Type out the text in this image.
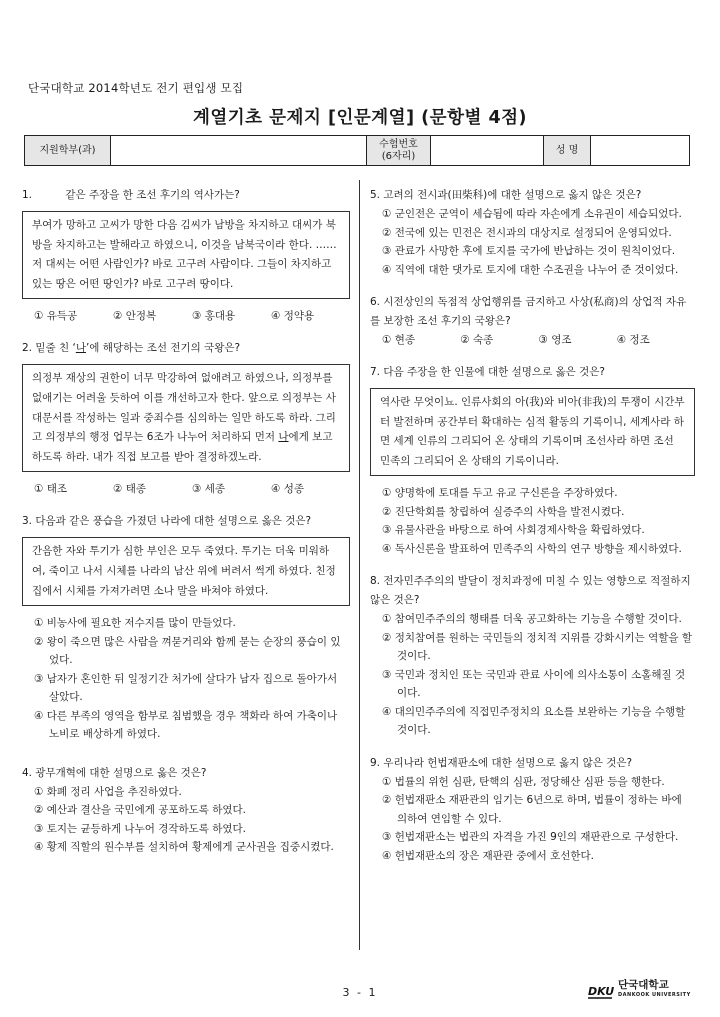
단국대학교 2014학년도 전기 편입생 모집
계열기초 문제지 [인문계열] (문항별 4점)
지원학부(과)
수험번호
(6자리)
성 명

1.          같은 주장을 한 조선 후기의 역사가는?

부여가 망하고 고씨가 망한 다음 김씨가 남방을 차지하고 대씨가 북방을 차지하고는 발해라고 하였으니, 이것을 남북국이라 한다. …… 저 대씨는 어떤 사람인가? 바로 고구려 사람이다. 그들이 차지하고 있는 땅은 어떤 땅인가? 바로 고구려 땅이다.
① 유득공	② 안정복	③ 홍대용	④ 정약용

2. 밑줄 친 ‘나’에 해당하는 조선 전기의 국왕은?

의정부 재상의 권한이 너무 막강하여 없애려고 하였으나, 의정부를 없애기는 어려울 듯하여 이를 개선하고자 한다. 앞으로 의정부는 사대문서를 작성하는 일과 중죄수를 심의하는 일만 하도록 하라. 그리고 의정부의 행정 업무는 6조가 나누어 처리하되 먼저 나에게 보고하도록 하라. 내가 직접 보고를 받아 결정하겠노라.
① 태조	② 태종	③ 세종	④ 성종

3. 다음과 같은 풍습을 가졌던 나라에 대한 설명으로 옳은 것은?

간음한 자와 투기가 심한 부인은 모두 죽였다. 투기는 더욱 미워하여, 죽이고 나서 시체를 나라의 남산 위에 버려서 썩게 하였다. 친정집에서 시체를 가져가려면 소나 말을 바쳐야 하였다.
① 비농사에 필요한 저수지를 많이 만들었다.
② 왕이 죽으면 많은 사람을 껴묻거리와 함께 묻는 순장의 풍습이 있었다.
③ 남자가 혼인한 뒤 일정기간 처가에 살다가 남자 집으로 돌아가서 살았다.
④ 다른 부족의 영역을 함부로 침범했을 경우 책화라 하여 가축이나 노비로 배상하게 하였다.

4. 광무개혁에 대한 설명으로 옳은 것은?

① 화폐 정리 사업을 추진하였다.
② 예산과 결산을 국민에게 공포하도록 하였다.
③ 토지는 균등하게 나누어 경작하도록 하였다.
④ 황제 직할의 원수부를 설치하여 황제에게 군사권을 집중시켰다.

5. 고려의 전시과(田柴科)에 대한 설명으로 옳지 않은 것은?

① 군인전은 군역이 세습됨에 따라 자손에게 소유권이 세습되었다.
② 전국에 있는 민전은 전시과의 대상지로 설정되어 운영되었다.
③ 관료가 사망한 후에 토지를 국가에 반납하는 것이 원칙이었다.
④ 직역에 대한 댓가로 토지에 대한 수조권을 나누어 준 것이었다.

6. 시전상인의 독점적 상업행위를 금지하고 사상(私商)의 상업적 자유를 보장한 조선 후기의 국왕은?

① 현종	② 숙종	③ 영조	④ 정조

7. 다음 주장을 한 인물에 대한 설명으로 옳은 것은?

역사란 무엇이뇨. 인류사회의 아(我)와 비아(非我)의 투쟁이 시간부터 발전하며 공간부터 확대하는 심적 활동의 기록이니, 세계사라 하면 세계 인류의 그리되어 온 상태의 기록이며 조선사라 하면 조선 민족의 그리되어 온 상태의 기록이니라.
① 양명학에 토대를 두고 유교 구신론을 주장하였다.
② 진단학회를 창립하여 실증주의 사학을 발전시켰다.
③ 유물사관을 바탕으로 하여 사회경제사학을 확립하였다.
④ 독사신론을 발표하여 민족주의 사학의 연구 방향을 제시하였다.

8. 전자민주주의의 발달이 정치과정에 미칠 수 있는 영향으로 적절하지 않은 것은?

① 참여민주주의의 행태를 더욱 공고화하는 기능을 수행할 것이다.
② 정치참여를 원하는 국민들의 정치적 지위를 강화시키는 역할을 할 것이다.
③ 국민과 정치인 또는 국민과 관료 사이에 의사소통이 소홀해질 것이다.
④ 대의민주주의에 직접민주정치의 요소를 보완하는 기능을 수행할 것이다.

9. 우리나라 헌법재판소에 대한 설명으로 옳지 않은 것은?

① 법률의 위헌 심판, 탄핵의 심판, 정당해산 심판 등을 행한다.
② 헌법재판소 재판관의 임기는 6년으로 하며, 법률이 정하는 바에 의하여 연임할 수 있다.
③ 헌법재판소는 법관의 자격을 가진 9인의 재판관으로 구성한다.
④ 헌법재판소의 장은 재판관 중에서 호선한다.
3 - 1	DKU 단국대학교
DANKOOK UNIVERSITY
